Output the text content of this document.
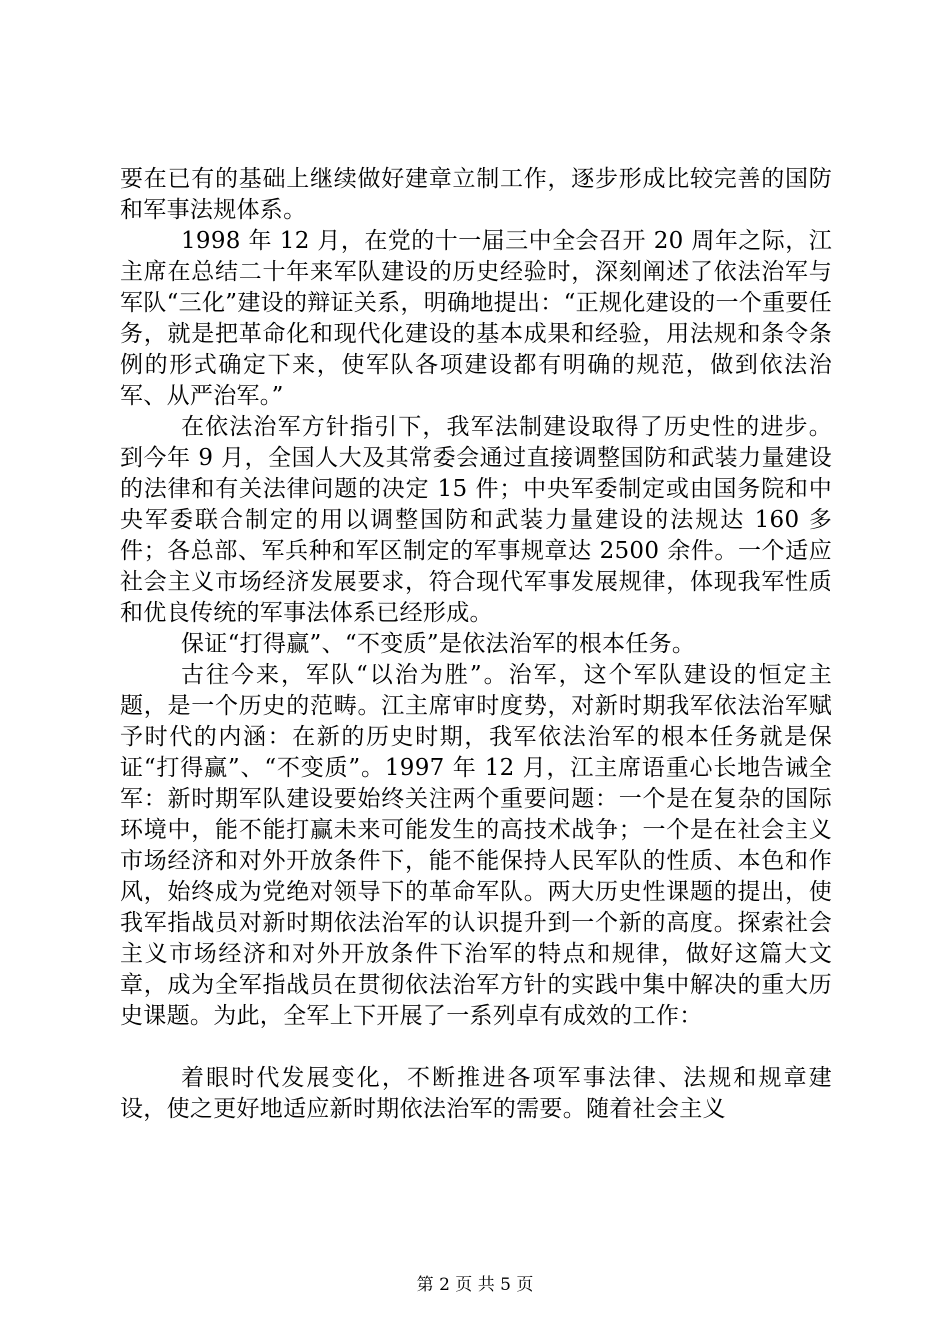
要在已有的基础上继续做好建章立制工作，逐步形成比较完善的国防和军事法规体系。

1998 年 12 月，在党的十一届三中全会召开 20 周年之际，江主席在总结二十年来军队建设的历史经验时，深刻阐述了依法治军与军队“三化”建设的辩证关系，明确地提出：“正规化建设的一个重要任务，就是把革命化和现代化建设的基本成果和经验，用法规和条令条例的形式确定下来，使军队各项建设都有明确的规范，做到依法治军、从严治军。”

在依法治军方针指引下，我军法制建设取得了历史性的进步。到今年 9 月，全国人大及其常委会通过直接调整国防和武装力量建设的法律和有关法律问题的决定 15 件；中央军委制定或由国务院和中央军委联合制定的用以调整国防和武装力量建设的法规达 160 多件；各总部、军兵种和军区制定的军事规章达 2500 余件。一个适应社会主义市场经济发展要求，符合现代军事发展规律，体现我军性质和优良传统的军事法体系已经形成。

保证“打得赢”、“不变质”是依法治军的根本任务。

古往今来，军队“以治为胜”。治军，这个军队建设的恒定主题，是一个历史的范畴。江主席审时度势，对新时期我军依法治军赋予时代的内涵：在新的历史时期，我军依法治军的根本任务就是保证“打得赢”、“不变质”。1997 年 12 月，江主席语重心长地告诫全军：新时期军队建设要始终关注两个重要问题：一个是在复杂的国际环境中，能不能打赢未来可能发生的高技术战争；一个是在社会主义市场经济和对外开放条件下，能不能保持人民军队的性质、本色和作风，始终成为党绝对领导下的革命军队。两大历史性课题的提出，使我军指战员对新时期依法治军的认识提升到一个新的高度。探索社会主义市场经济和对外开放条件下治军的特点和规律，做好这篇大文章，成为全军指战员在贯彻依法治军方针的实践中集中解决的重大历史课题。为此，全军上下开展了一系列卓有成效的工作：

着眼时代发展变化，不断推进各项军事法律、法规和规章建设，使之更好地适应新时期依法治军的需要。随着社会主义

第 2 页 共 5 页
